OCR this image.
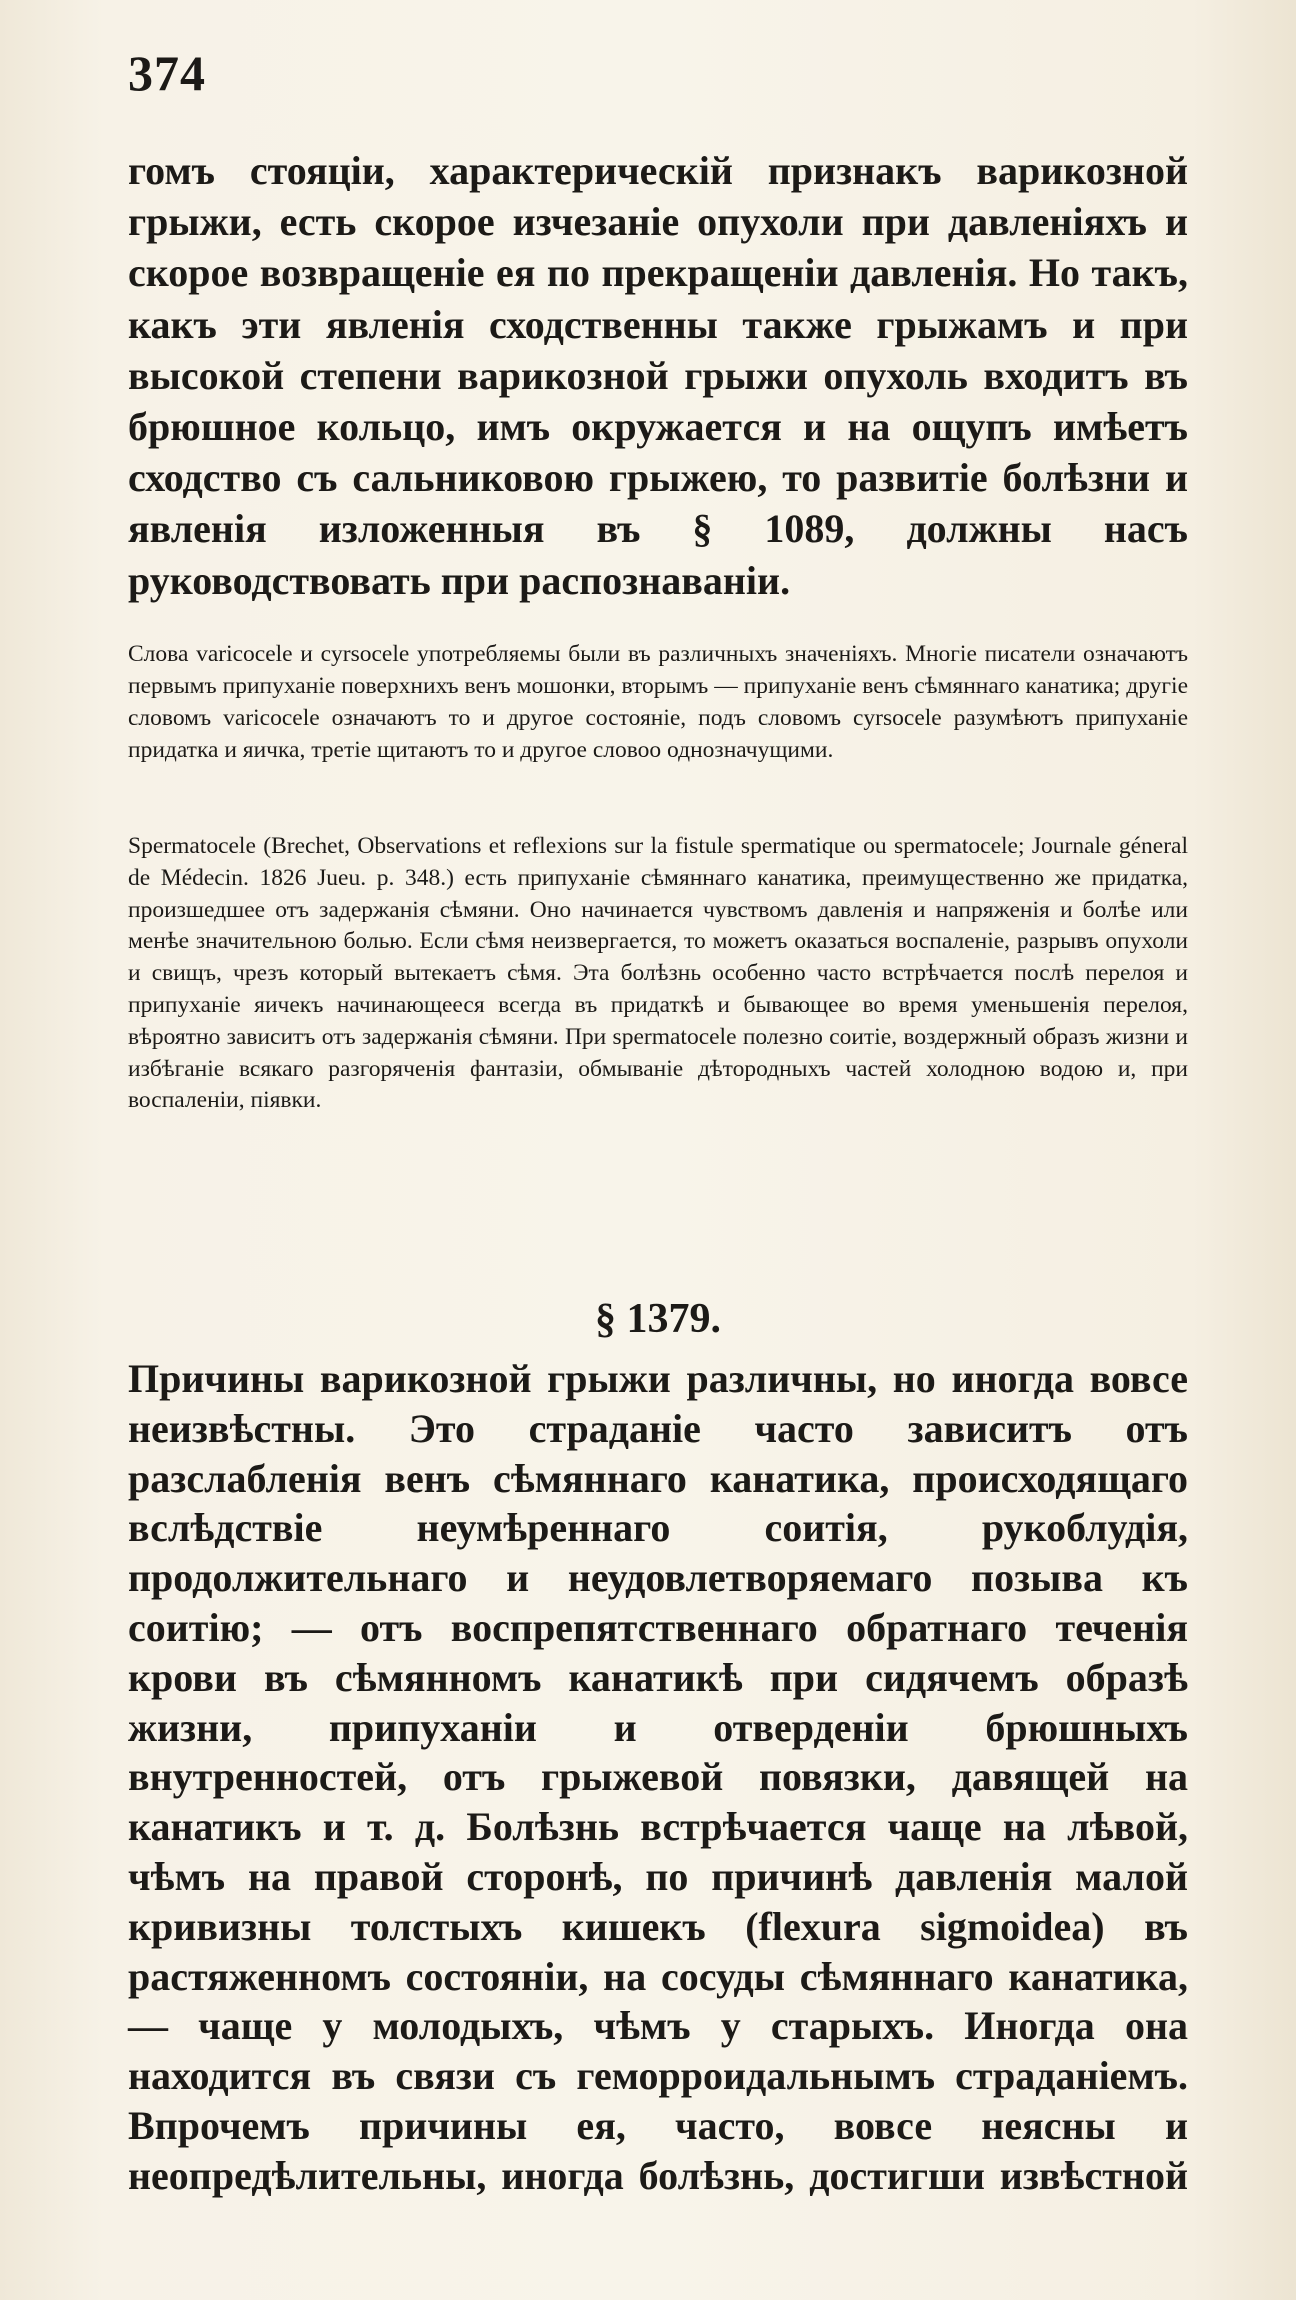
374

гомъ стояціи, характерическій признакъ варикозной грыжи, есть скорое изчезаніе опухоли при давленіяхъ и скорое возвращеніе ея по прекращеніи давленія. Но такъ, какъ эти явленія сходственны также грыжамъ и при высокой степени варикозной грыжи опухоль входитъ въ брюшное кольцо, имъ окружается и на ощупъ имѣетъ сходство съ сальниковою грыжею, то развитіе болѣзни и явленія изложенныя въ § 1089, должны насъ руководствовать при распознаваніи.

Слова varicocele и cyrsocele употребляемы были въ различныхъ значеніяхъ. Многіе писатели означаютъ первымъ припуханіе поверхнихъ венъ мошонки, вторымъ — припуханіе венъ сѣмяннаго канатика; другіе словомъ varicocele означаютъ то и другое состояніе, подъ словомъ cyrsocele разумѣютъ припуханіе придатка и яичка, третіе щитаютъ то и другое словоо однозначущими.

Spermatocele (Brechet, Observations et reflexions sur la fistule spermatique ou spermatocele; Journale géneral de Médecin. 1826 Jueu. p. 348.) есть припуханіе сѣмяннагo канатика, преимущественно же придатка, произшедшее отъ задержанія сѣмяни. Оно начинается чувствомъ давленія и напряженія и болѣе или менѣе значительною болью. Если сѣмя неизвергается, то можетъ оказаться воспаленіе, разрывъ опухоли и свищъ, чрезъ который вытекаетъ сѣмя. Эта болѣзнь особенно часто встрѣчается послѣ перелоя и припуханіе яичекъ начинающееся всегда въ придаткѣ и бывающее во время уменьшенія перелоя, вѣроятно зависитъ отъ задержанія сѣмяни. При spermatocele полезно соитіе, воздержный образъ жизни и избѣганіе всякаго разгоряченія фантазіи, обмываніе дѣтородныхъ частей холодною водою и, при воспаленіи, піявки.

§ 1379.

Причины варикозной грыжи различны, но иногда вовсе неизвѣстны. Это страданіе часто зависитъ отъ разслабленія венъ сѣмяннаго канатика, происходящаго вслѣдствіе неумѣреннаго соитія, рукоблудія, продолжительнаго и неудовлетворяемаго позыва къ соитію; — отъ воспрепятственнаго обратнаго теченія крови въ сѣмянномъ канатикѣ при сидячемъ образѣ жизни, припуханіи и отверденіи брюшныхъ внутренностей, отъ грыжевой повязки, давящей на канатикъ и т. д. Болѣзнь встрѣчается чаще на лѣвой, чѣмъ на правой сторонѣ, по причинѣ давленія малой кривизны толстыхъ кишекъ (flexura sigmoidea) въ растяженномъ состояніи, на сосуды сѣмяннаго канатика, — чаще у молодыхъ, чѣмъ у старыхъ. Иногда она находится въ связи съ геморроидальнымъ страданіемъ. Впрочемъ причины ея, часто, вовсе неясны и неопредѣлительны, иногда болѣзнь, достигши извѣстной
